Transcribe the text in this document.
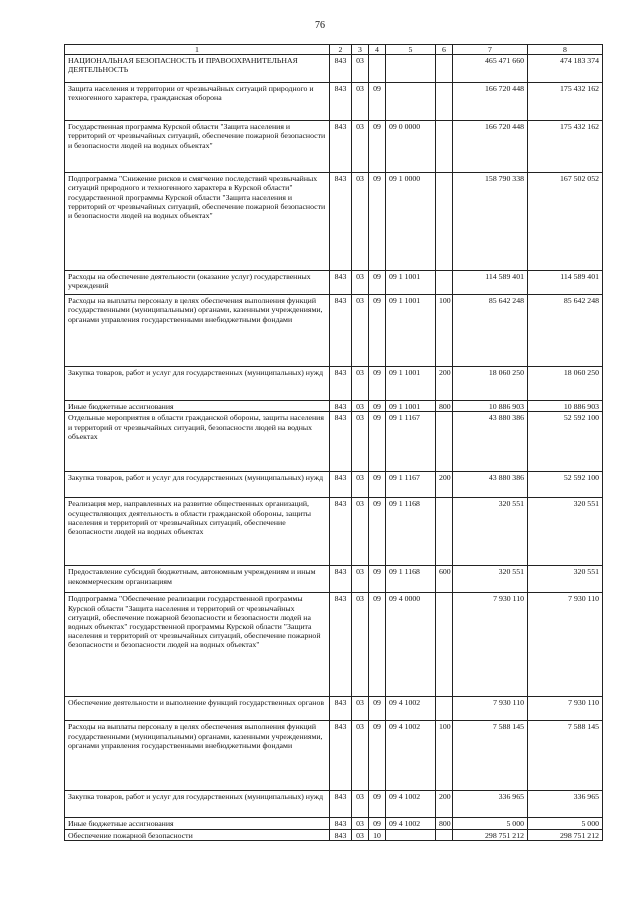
76
1	2	3	4	5	6	7	8
НАЦИОНАЛЬНАЯ БЕЗОПАСНОСТЬ И ПРАВООХРАНИТЕЛЬНАЯ ДЕЯТЕЛЬНОСТЬ	843	03				465 471 660	474 183 374
Защита населения и территории от чрезвычайных ситуаций природного и техногенного характера, гражданская оборона	843	03	09			166 720 448	175 432 162
Государственная программа Курской области "Защита населения и территорий от чрезвычайных ситуаций, обеспечение пожарной безопасности и безопасности людей на водных объектах"	843	03	09	09 0 0000		166 720 448	175 432 162
Подпрограмма "Снижение рисков и смягчение последствий чрезвычайных ситуаций природного и техногенного характера в Курской области" государственной программы Курской области "Защита населения и территорий от чрезвычайных ситуаций, обеспечение пожарной безопасности и безопасности людей на водных объектах"	843	03	09	09 1 0000		158 790 338	167 502 052
Расходы на обеспечение деятельности (оказание услуг) государственных учреждений	843	03	09	09 1 1001		114 589 401	114 589 401
Расходы на выплаты персоналу в целях обеспечения выполнения функций государственными (муниципальными) органами, казенными учреждениями, органами управления государственными внебюджетными фондами	843	03	09	09 1 1001	100	85 642 248	85 642 248
Закупка товаров, работ и услуг для государственных (муниципальных) нужд	843	03	09	09 1 1001	200	18 060 250	18 060 250
Иные бюджетные ассигнования	843	03	09	09 1 1001	800	10 886 903	10 886 903
Отдельные мероприятия в области гражданской обороны, защиты населения и территорий от чрезвычайных ситуаций, безопасности людей на водных объектах	843	03	09	09 1 1167		43 880 386	52 592 100
Закупка товаров, работ и услуг для государственных (муниципальных) нужд	843	03	09	09 1 1167	200	43 880 386	52 592 100
Реализация мер, направленных на развитие общественных организаций, осуществляющих деятельность в области гражданской обороны, защиты населения и территорий от чрезвычайных ситуаций, обеспечение безопасности людей на водных объектах	843	03	09	09 1 1168		320 551	320 551
Предоставление субсидий бюджетным, автономным учреждениям и иным некоммерческим организациям	843	03	09	09 1 1168	600	320 551	320 551
Подпрограмма "Обеспечение реализации государственной программы Курской области "Защита населения и территорий от чрезвычайных ситуаций, обеспечение пожарной безопасности и безопасности людей на водных объектах" государственной программы Курской области "Защита населения и территорий от чрезвычайных ситуаций, обеспечение пожарной безопасности и безопасности людей на водных объектах"	843	03	09	09 4 0000		7 930 110	7 930 110
Обеспечение деятельности и выполнение функций государственных органов	843	03	09	09 4 1002		7 930 110	7 930 110
Расходы на выплаты персоналу в целях обеспечения выполнения функций государственными (муниципальными) органами, казенными учреждениями, органами управления государственными внебюджетными фондами	843	03	09	09 4 1002	100	7 588 145	7 588 145
Закупка товаров, работ и услуг для государственных (муниципальных) нужд	843	03	09	09 4 1002	200	336 965	336 965
Иные бюджетные ассигнования	843	03	09	09 4 1002	800	5 000	5 000
Обеспечение пожарной безопасности	843	03	10			298 751 212	298 751 212
